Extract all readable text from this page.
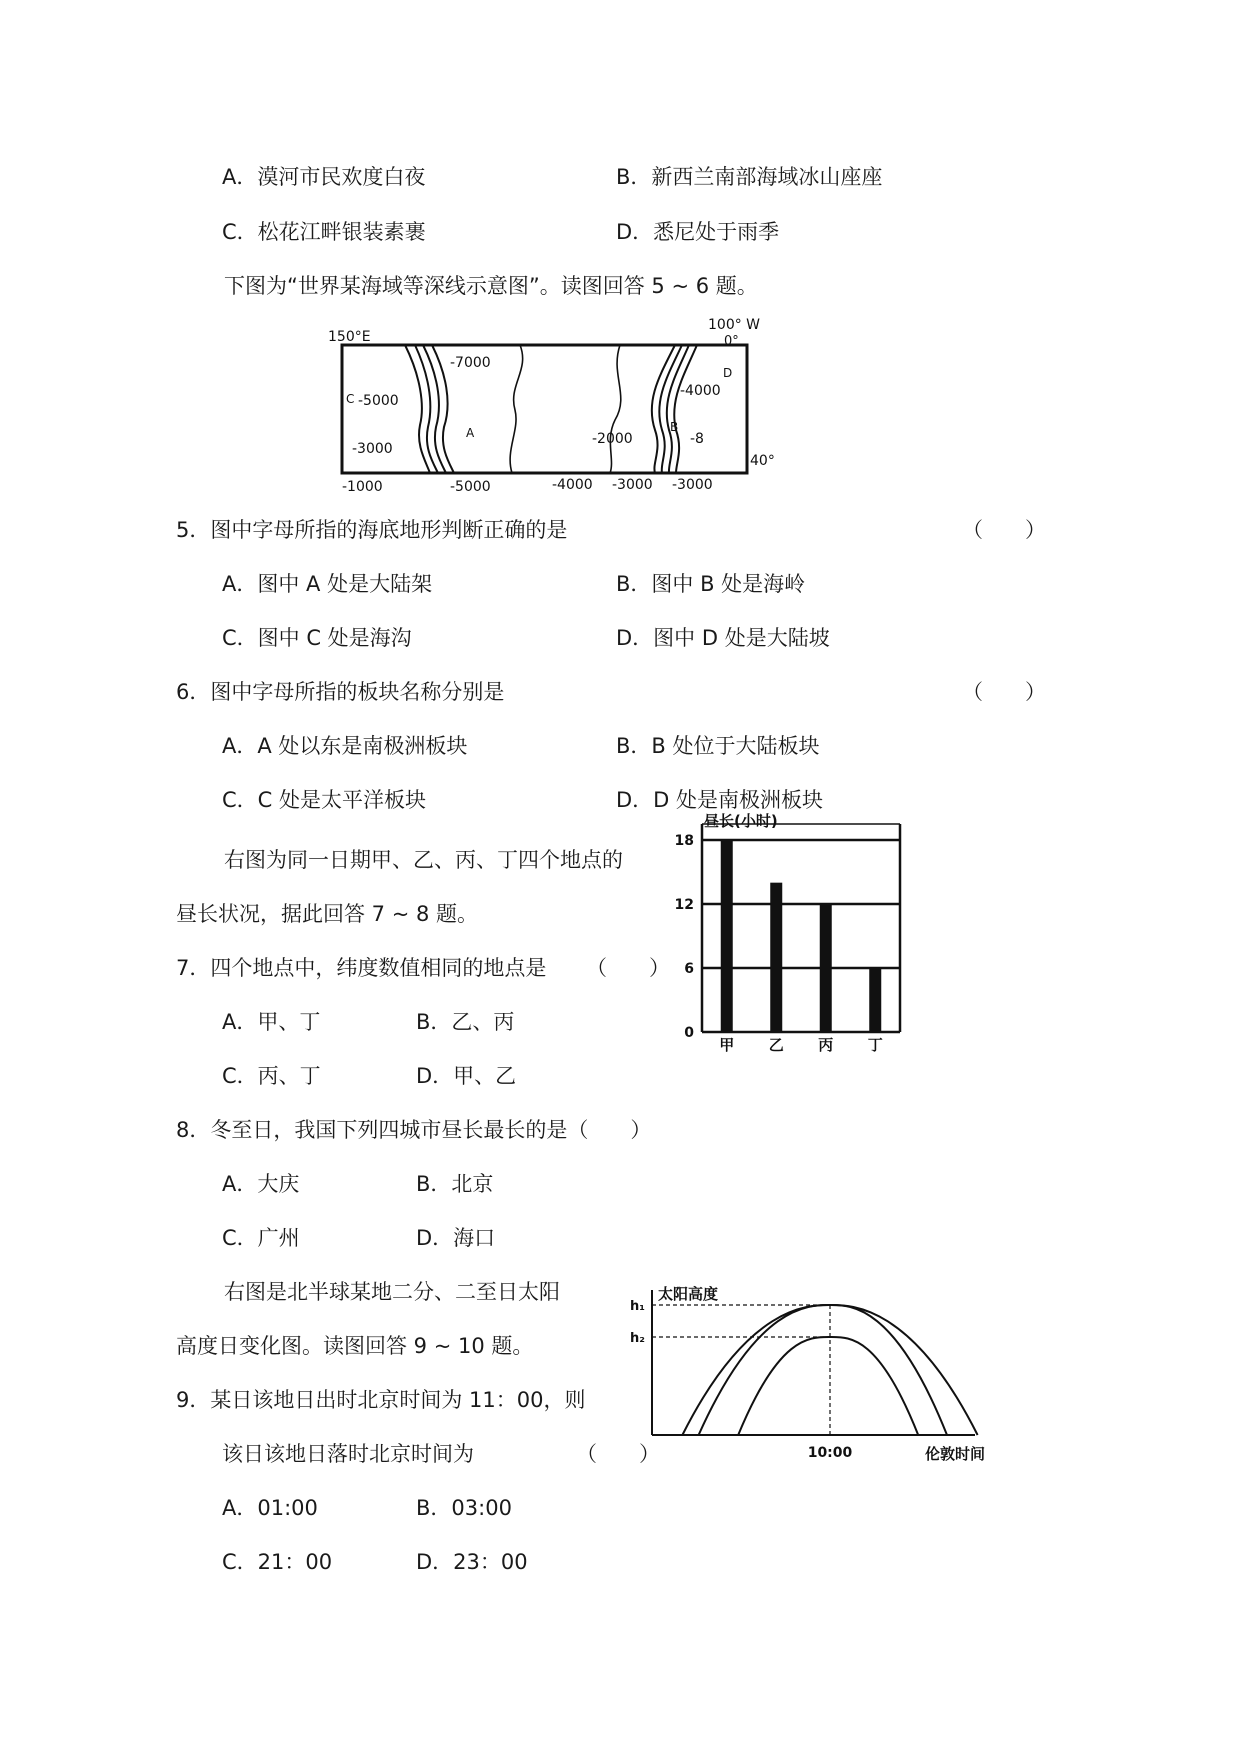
A．漠河市民欢度白夜	B．新西兰南部海域冰山座座
C．松花江畔银装素裹	D．悉尼处于雨季
下图为“世界某海域等深线示意图”。读图回答 5 ~ 6 题。
150°E
100° W
0°
40°
-7000
-5000
-3000
-2000
-4000
-8
-1000	-5000	-4000 -3000 -3000
C
A	B
D
5．图中字母所指的海底地形判断正确的是	（　　）
A．图中 A 处是大陆架	B．图中 B 处是海岭
C．图中 C 处是海沟	D．图中 D 处是大陆坡
6．图中字母所指的板块名称分别是	（　　）
A．A 处以东是南极洲板块	B．B 处位于大陆板块
C．C 处是太平洋板块	D．D 处是南极洲板块
昼长(小时)
0
6
12
18
甲 乙 丙 丁
右图为同一日期甲、乙、丙、丁四个地点的
昼长状况，据此回答 7 ~ 8 题。
7．四个地点中，纬度数值相同的地点是 （　　）
A．甲、丁	B．乙、丙
C．丙、丁	D．甲、乙
8．冬至日，我国下列四城市昼长最长的是（　　）
A．大庆	B．北京
C．广州	D．海口
右图是北半球某地二分、二至日太阳
高度日变化图。读图回答 9 ~ 10 题。
太阳高度
10:00	伦敦时间
h₁
h₂
9．某日该地日出时北京时间为 11：00，则
该日该地日落时北京时间为	（　　）
A．01:00	B．03:00
C．21：00	D．23：00
